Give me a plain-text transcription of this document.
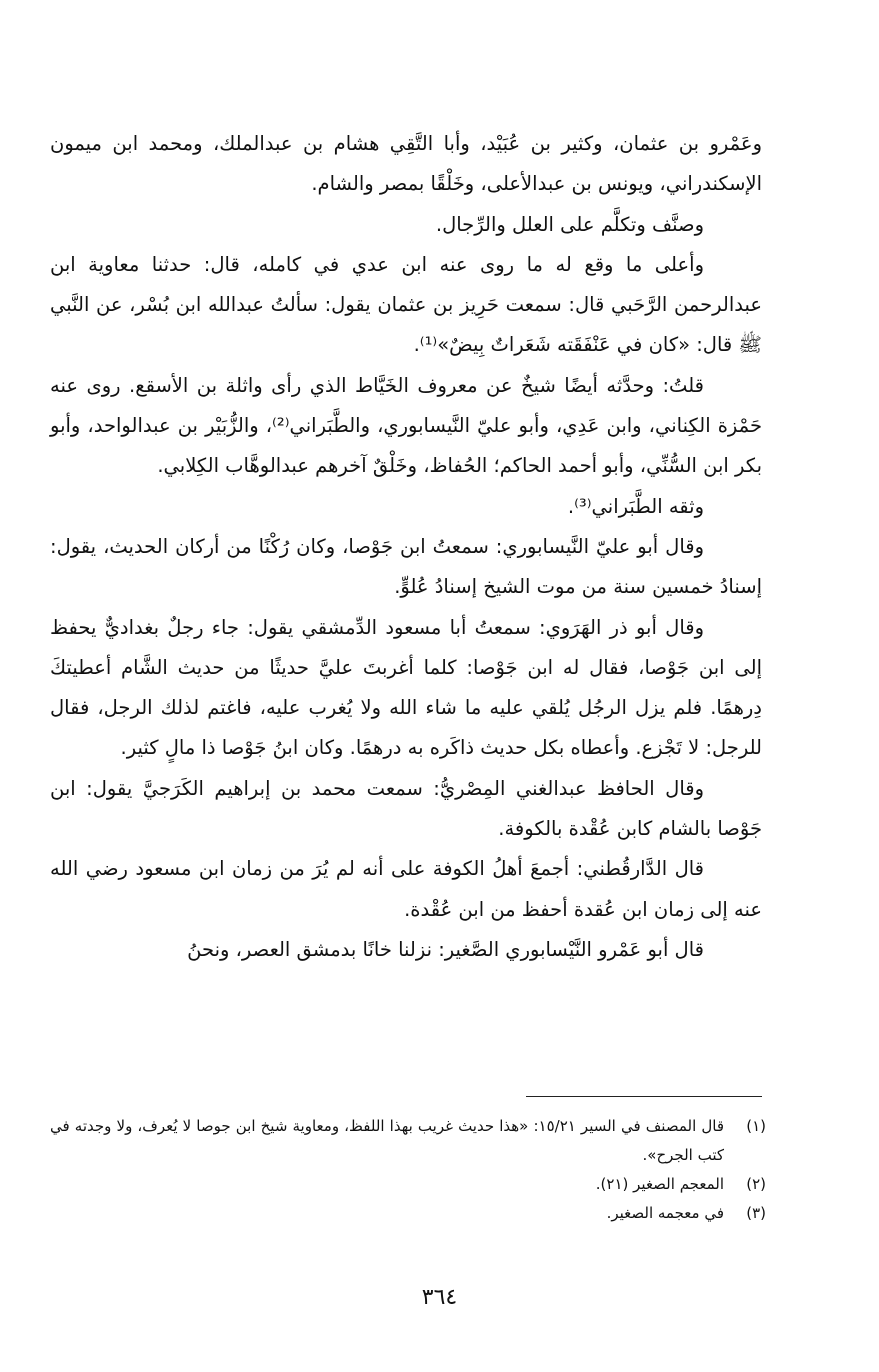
وعَمْرو بن عثمان، وكثير بن عُبَيْد، وأبا التَّقِي هشام بن عبدالملك، ومحمد ابن ميمون الإسكندراني، ويونس بن عبدالأعلى، وخَلْقًا بمصر والشام.

وصنَّف وتكلَّم على العلل والرِّجال.

وأعلى ما وقع له ما روى عنه ابن عدي في كامله، قال: حدثنا معاوية ابن عبدالرحمن الرَّحَبي قال: سمعت حَرِيز بن عثمان يقول: سألتُ عبدالله ابن بُسْر، عن النَّبي ﷺ قال: «كان في عَنْفَقَته شَعَراتٌ بِيضٌ»⁽¹⁾.

قلتُ: وحدَّثه أيضًا شيخٌ عن معروف الخَيَّاط الذي رأى واثلة بن الأسقع. روى عنه حَمْزة الكِناني، وابن عَدِي، وأبو عليّ النَّيسابوري، والطَّبَراني⁽²⁾، والزُّبَيْر بن عبدالواحد، وأبو بكر ابن السُّنِّي، وأبو أحمد الحاكم؛ الحُفاظ، وخَلْقٌ آخرهم عبدالوهَّاب الكِلابي.

وثقه الطَّبَراني⁽³⁾.

وقال أبو عليّ النَّيسابوري: سمعتُ ابن جَوْصا، وكان رُكْنًا من أركان الحديث، يقول: إسنادُ خمسين سنة من موت الشيخ إسنادُ عُلوٍّ.

وقال أبو ذر الهَرَوي: سمعتُ أبا مسعود الدِّمشقي يقول: جاء رجلٌ بغداديٌّ يحفظ إلى ابن جَوْصا، فقال له ابن جَوْصا: كلما أغربتَ عليَّ حديثًا من حديث الشَّام أعطيتكَ دِرهمًا. فلم يزل الرجُل يُلقي عليه ما شاء الله ولا يُغرب عليه، فاغتم لذلك الرجل، فقال للرجل: لا تَجْزع. وأعطاه بكل حديث ذاكَره به درهمًا. وكان ابنُ جَوْصا ذا مالٍ كثير.

وقال الحافظ عبدالغني المِصْريُّ: سمعت محمد بن إبراهيم الكَرَجيَّ يقول: ابن جَوْصا بالشام كابن عُقْدة بالكوفة.

قال الدَّارقُطني: أجمعَ أهلُ الكوفة على أنه لم يُرَ من زمان ابن مسعود رضي الله عنه إلى زمان ابن عُقدة أحفظ من ابن عُقْدة.

قال أبو عَمْرو النَّيْسابوري الصَّغير: نزلنا خانًا بدمشق العصر، ونحنُ

(١)
قال المصنف في السير ١٥/٢١: «هذا حديث غريب بهذا اللفظ، ومعاوية شيخ ابن جوصا لا يُعرف، ولا وجدته في كتب الجرح».
(٢)
المعجم الصغير (٢١).
(٣)
في معجمه الصغير.
٣٦٤
